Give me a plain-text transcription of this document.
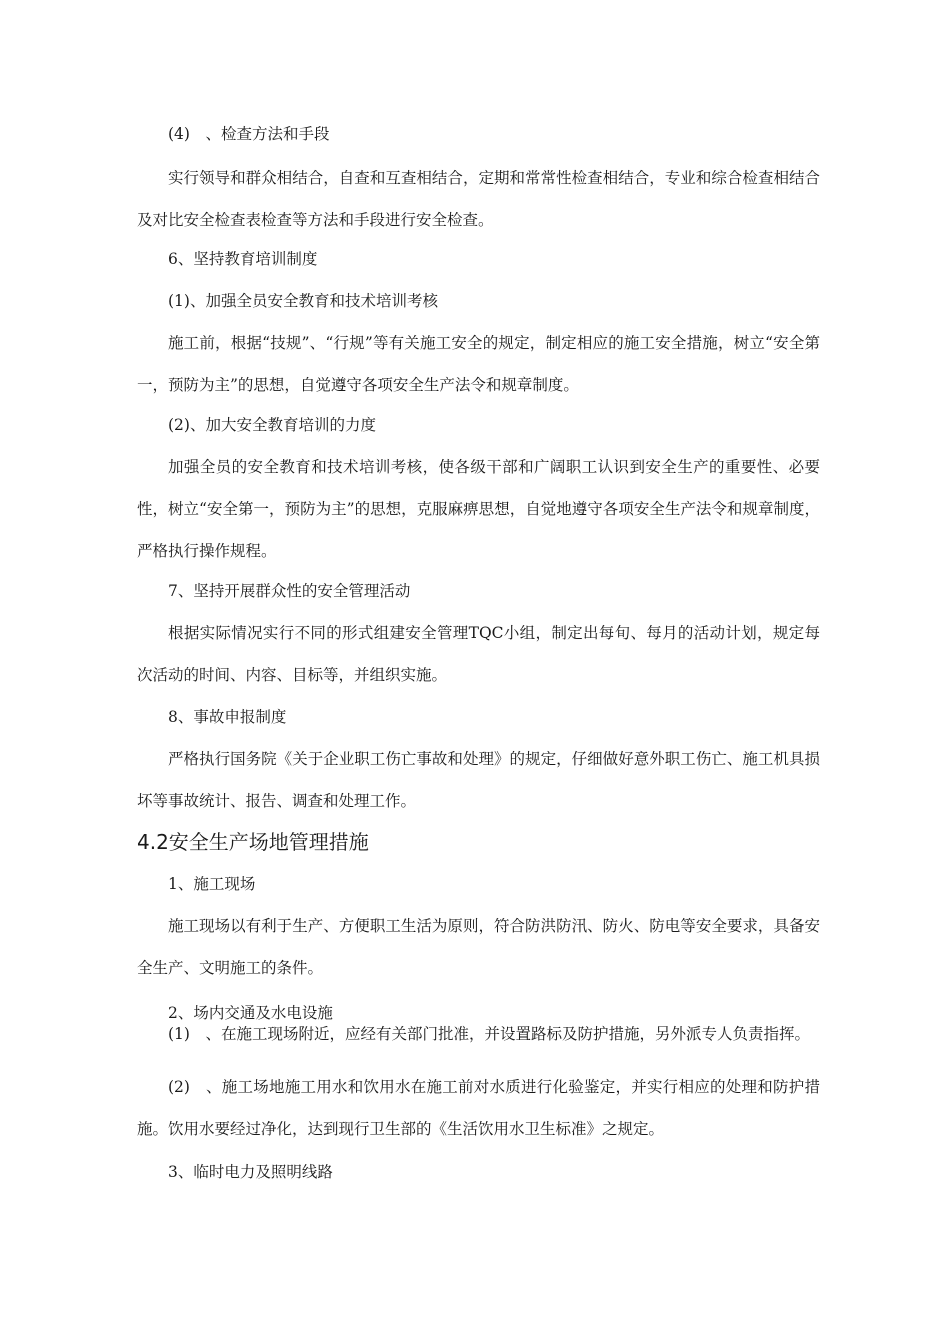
(4)　、检查方法和手段

实行领导和群众相结合，自查和互查相结合，定期和常常性检查相结合，专业和综合检查相结合及对比安全检查表检查等方法和手段进行安全检查。

6、坚持教育培训制度

(1)、加强全员安全教育和技术培训考核

施工前，根据“技规”、“行规”等有关施工安全的规定，制定相应的施工安全措施，树立“安全第一，预防为主”的思想，自觉遵守各项安全生产法令和规章制度。

(2)、加大安全教育培训的力度

加强全员的安全教育和技术培训考核，使各级干部和广阔职工认识到安全生产的重要性、必要性，树立“安全第一，预防为主”的思想，克服麻痹思想，自觉地遵守各项安全生产法令和规章制度，严格执行操作规程。

7、坚持开展群众性的安全管理活动

根据实际情况实行不同的形式组建安全管理TQC小组，制定出每旬、每月的活动计划，规定每次活动的时间、内容、目标等，并组织实施。

8、事故申报制度

严格执行国务院《关于企业职工伤亡事故和处理》的规定，仔细做好意外职工伤亡、施工机具损坏等事故统计、报告、调查和处理工作。

4.2安全生产场地管理措施

1、施工现场

施工现场以有利于生产、方便职工生活为原则，符合防洪防汛、防火、防电等安全要求，具备安全生产、文明施工的条件。

2、场内交通及水电设施

(1)　、在施工现场附近，应经有关部门批准，并设置路标及防护措施，另外派专人负责指挥。

(2)　、施工场地施工用水和饮用水在施工前对水质进行化验鉴定，并实行相应的处理和防护措施。饮用水要经过净化，达到现行卫生部的《生活饮用水卫生标准》之规定。

3、临时电力及照明线路
